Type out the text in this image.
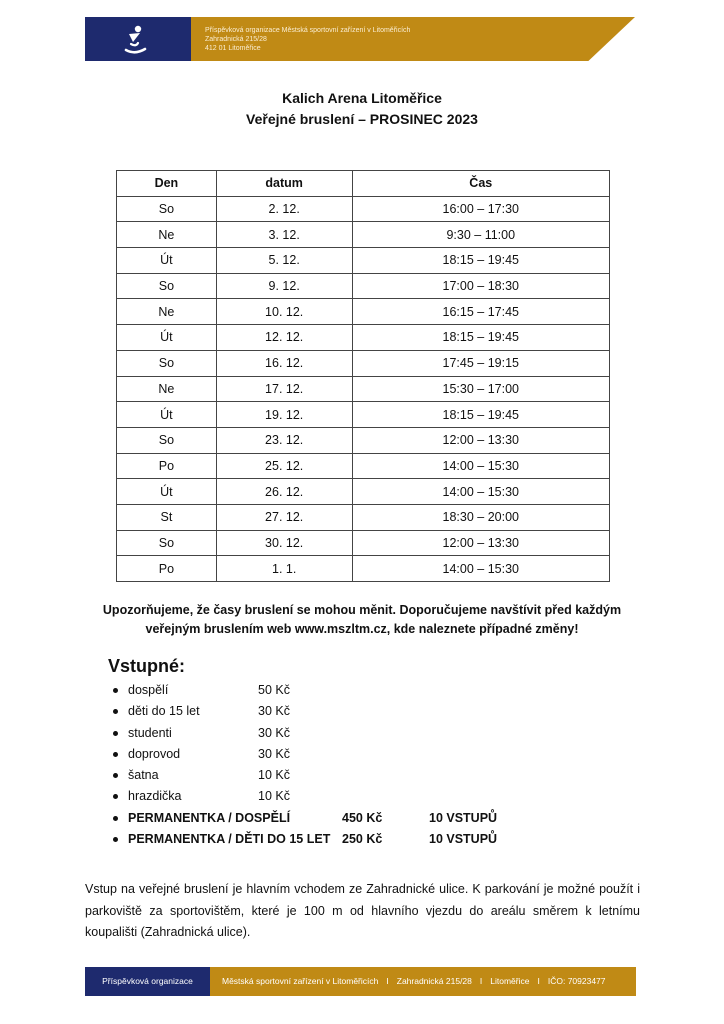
Příspěvková organizace Městská sportovní zařízení v Litoměřicích
Zahradnická 215/28
412 01 Litoměřice
Kalich Arena Litoměřice
Veřejné bruslení – PROSINEC 2023
Den	datum	Čas
So	2. 12.	16:00 – 17:30
Ne	3. 12.	9:30 – 11:00
Út	5. 12.	18:15 – 19:45
So	9. 12.	17:00 – 18:30
Ne	10. 12.	16:15 – 17:45
Út	12. 12.	18:15 – 19:45
So	16. 12.	17:45 – 19:15
Ne	17. 12.	15:30 – 17:00
Út	19. 12.	18:15 – 19:45
So	23. 12.	12:00 – 13:30
Po	25. 12.	14:00 – 15:30
Út	26. 12.	14:00 – 15:30
St	27. 12.	18:30 – 20:00
So	30. 12.	12:00 – 13:30
Po	1. 1.	14:00 – 15:30
Upozorňujeme, že časy bruslení se mohou měnit. Doporučujeme navštívit před každým
veřejným bruslením web www.mszltm.cz, kde naleznete případné změny!
Vstupné:
dospělí	50 Kč
děti do 15 let	30 Kč
studenti	30 Kč
doprovod	30 Kč
šatna	10 Kč
hrazdička	10 Kč
PERMANENTKA / DOSPĚLÍ	450 Kč	10 VSTUPŮ
PERMANENTKA / DĚTI DO 15 LET 250 Kč	10 VSTUPŮ
Vstup na veřejné bruslení je hlavním vchodem ze Zahradnické ulice. K parkování je možné použít i parkoviště za sportovištěm, které je 100 m od hlavního vjezdu do areálu směrem k letnímu koupališti (Zahradnická ulice).
Příspěvková organizace	Městská sportovní zařízení v Litoměřicích I Zahradnická 215/28 I Litoměřice I IČO: 70923477
